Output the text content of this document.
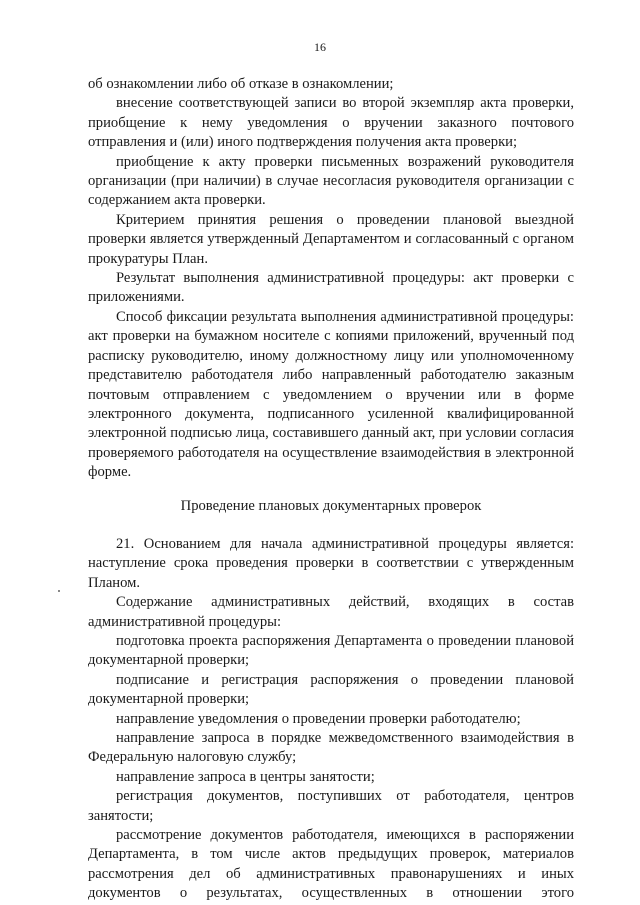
16

об ознакомлении либо об отказе в ознакомлении;

внесение соответствующей записи во второй экземпляр акта проверки, приобщение к нему уведомления о вручении заказного почтового отправления и (или) иного подтверждения получения акта проверки;

приобщение к акту проверки письменных возражений руководителя организации (при наличии) в случае несогласия руководителя организации с содержанием акта проверки.

Критерием принятия решения о проведении плановой выездной проверки является утвержденный Департаментом и согласованный с органом прокуратуры План.

Результат выполнения административной процедуры: акт проверки с приложениями.

Способ фиксации результата выполнения административной процедуры: акт проверки на бумажном носителе с копиями приложений, врученный под расписку руководителю, иному должностному лицу или уполномоченному представителю работодателя либо направленный работодателю заказным почтовым отправлением с уведомлением о вручении или в форме электронного документа, подписанного усиленной квалифицированной электронной подписью лица, составившего данный акт, при условии согласия проверяемого работодателя на осуществление взаимодействия в электронной форме.

Проведение плановых документарных проверок

21. Основанием для начала административной процедуры является: наступление срока проведения проверки в соответствии с утвержденным Планом.

Содержание административных действий, входящих в состав административной процедуры:

подготовка проекта распоряжения Департамента о проведении плановой документарной проверки;

подписание и регистрация распоряжения о проведении плановой документарной проверки;

направление уведомления о проведении проверки работодателю;

направление запроса в порядке межведомственного взаимодействия в Федеральную налоговую службу;

направление запроса в центры занятости;

регистрация документов, поступивших от работодателя, центров занятости;

рассмотрение документов работодателя, имеющихся в распоряжении Департамента, в том числе актов предыдущих проверок, материалов рассмотрения дел об административных правонарушениях и иных документов о результатах, осуществленных в отношении этого
